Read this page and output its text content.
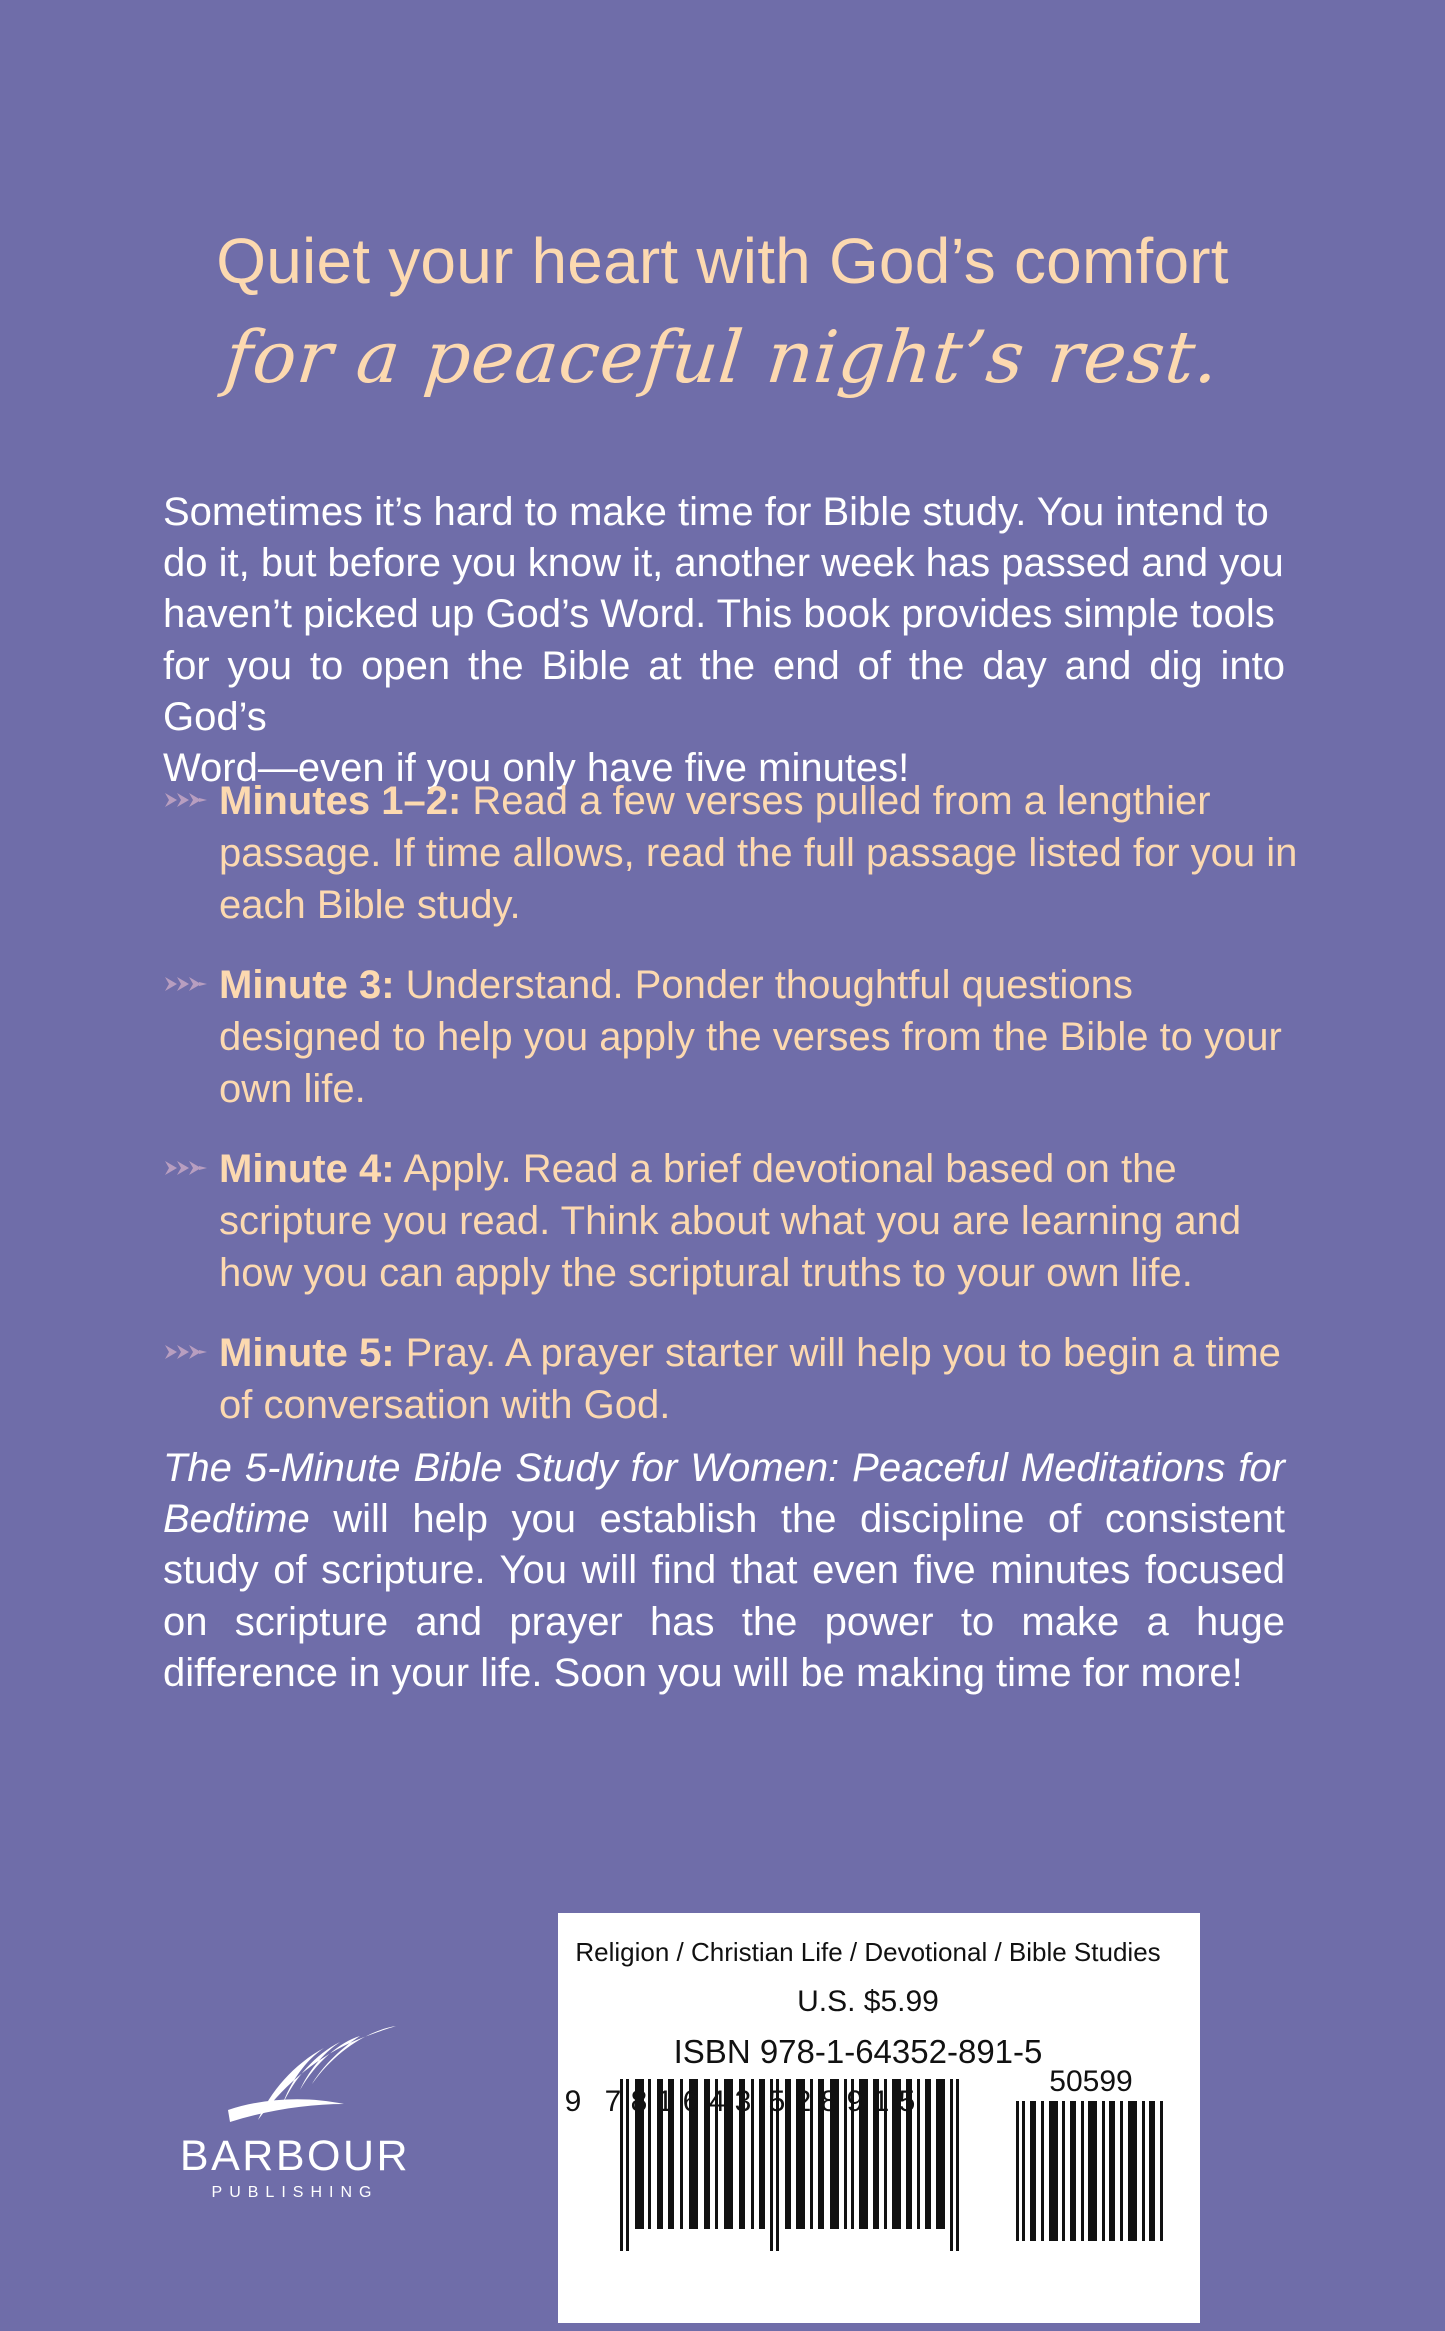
Quiet your heart with God’s comfort
for a peaceful night’s rest.
Sometimes it’s hard to make time for Bible study. You intend to
do it, but before you know it, another week has passed and you
haven’t picked up God’s Word. This book provides simple tools
for you to open the Bible at the end of the day and dig into God’s
Word—even if you only have five minutes!
Minutes 1–2: Read a few verses pulled from a lengthier passage. If time allows, read the full passage listed for you in each Bible study.
Minute 3: Understand. Ponder thoughtful questions designed to help you apply the verses from the Bible to your own life.
Minute 4: Apply. Read a brief devotional based on the scripture you read. Think about what you are learning and how you can apply the scriptural truths to your own life.
Minute 5: Pray. A prayer starter will help you to begin a time of conversation with God.
The 5-Minute Bible Study for Women: Peaceful Meditations for Bedtime will help you establish the discipline of consistent study of scripture. You will find that even five minutes focused on scripture and prayer has the power to make a huge difference in your life. Soon you will be making time for more!
BARBOUR
PUBLISHING
Religion / Christian Life / Devotional / Bible Studies
U.S. $5.99
ISBN 978-1-64352-891-5
9 7 8 1 6 4 3 5 2 8 9 1 5
50599
